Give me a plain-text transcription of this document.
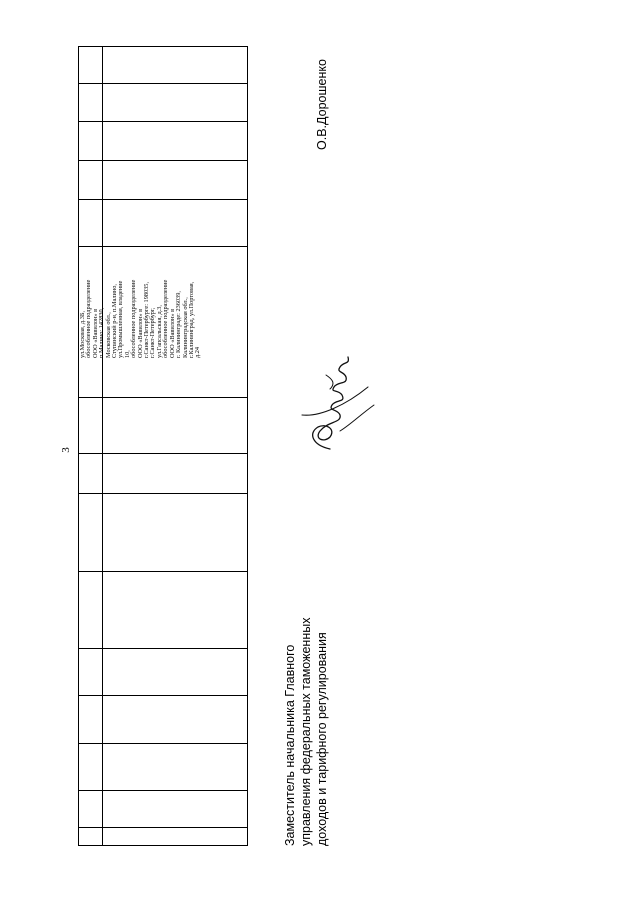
3
ул.Москвая, д.3Б, обособленное подразделение ООО «Вавилон» в п.Малино: 142830, Московская обл., Ступинский р-н, п.Малино, ул.Промышленная, владение 10, обособленное подразделение ООО «Вавилон» в г.Санкт-Петербурге: 198035, г.Санкт-Петербург, ул.Гапсальская, д.3, обособленное подразделение ООО «Вавилон» в г. Калининграде: 236039, Калининградская обл., г.Калининград, ул.Портовая, д.24
Заместитель начальника Главного управления федеральных таможенных доходов и тарифного регулирования
О.В.Дорошенко
